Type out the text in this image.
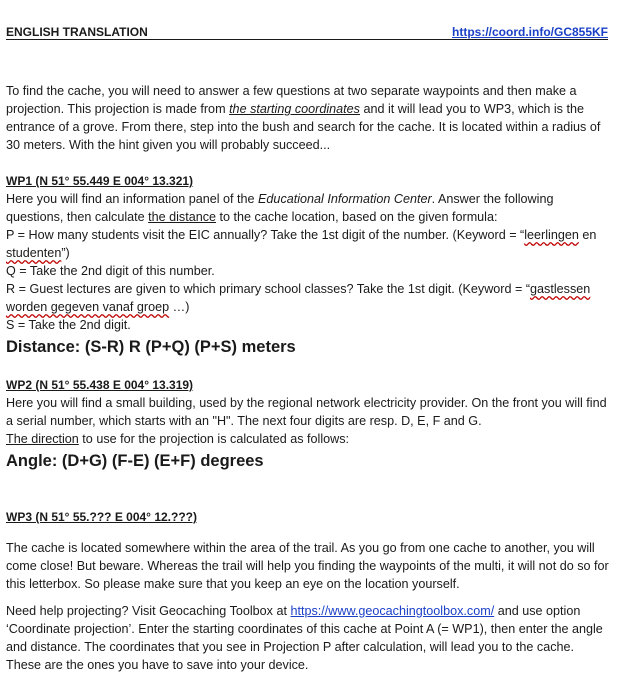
ENGLISH TRANSLATION	https://coord.info/GC855KF

To find the cache, you will need to answer a few questions at two separate waypoints and then make a projection. This projection is made from the starting coordinates and it will lead you to WP3, which is the entrance of a grove. From there, step into the bush and search for the cache. It is located within a radius of 30 meters. With the hint given you will probably succeed...

WP1 (N 51° 55.449 E 004° 13.321)

Here you will find an information panel of the Educational Information Center. Answer the following questions, then calculate the distance to the cache location, based on the given formula:

P = How many students visit the EIC annually? Take the 1st digit of the number. (Keyword = “leerlingen en studenten”)

Q = Take the 2nd digit of this number.

R = Guest lectures are given to which primary school classes? Take the 1st digit. (Keyword = “gastlessen worden gegeven vanaf groep …)

S = Take the 2nd digit.

Distance: (S-R) R (P+Q) (P+S) meters

WP2 (N 51° 55.438 E 004° 13.319)

Here you will find a small building, used by the regional network electricity provider. On the front you will find a serial number, which starts with an "H". The next four digits are resp. D, E, F and G.

The direction to use for the projection is calculated as follows:

Angle: (D+G) (F-E) (E+F) degrees

WP3 (N 51° 55.??? E 004° 12.???)

The cache is located somewhere within the area of the trail. As you go from one cache to another, you will come close! But beware. Whereas the trail will help you finding the waypoints of the multi, it will not do so for this letterbox. So please make sure that you keep an eye on the location yourself.

Need help projecting? Visit Geocaching Toolbox at https://www.geocachingtoolbox.com/ and use option ‘Coordinate projection’. Enter the starting coordinates of this cache at Point A (= WP1), then enter the angle and distance. The coordinates that you see in Projection P after calculation, will lead you to the cache. These are the ones you have to save into your device.
